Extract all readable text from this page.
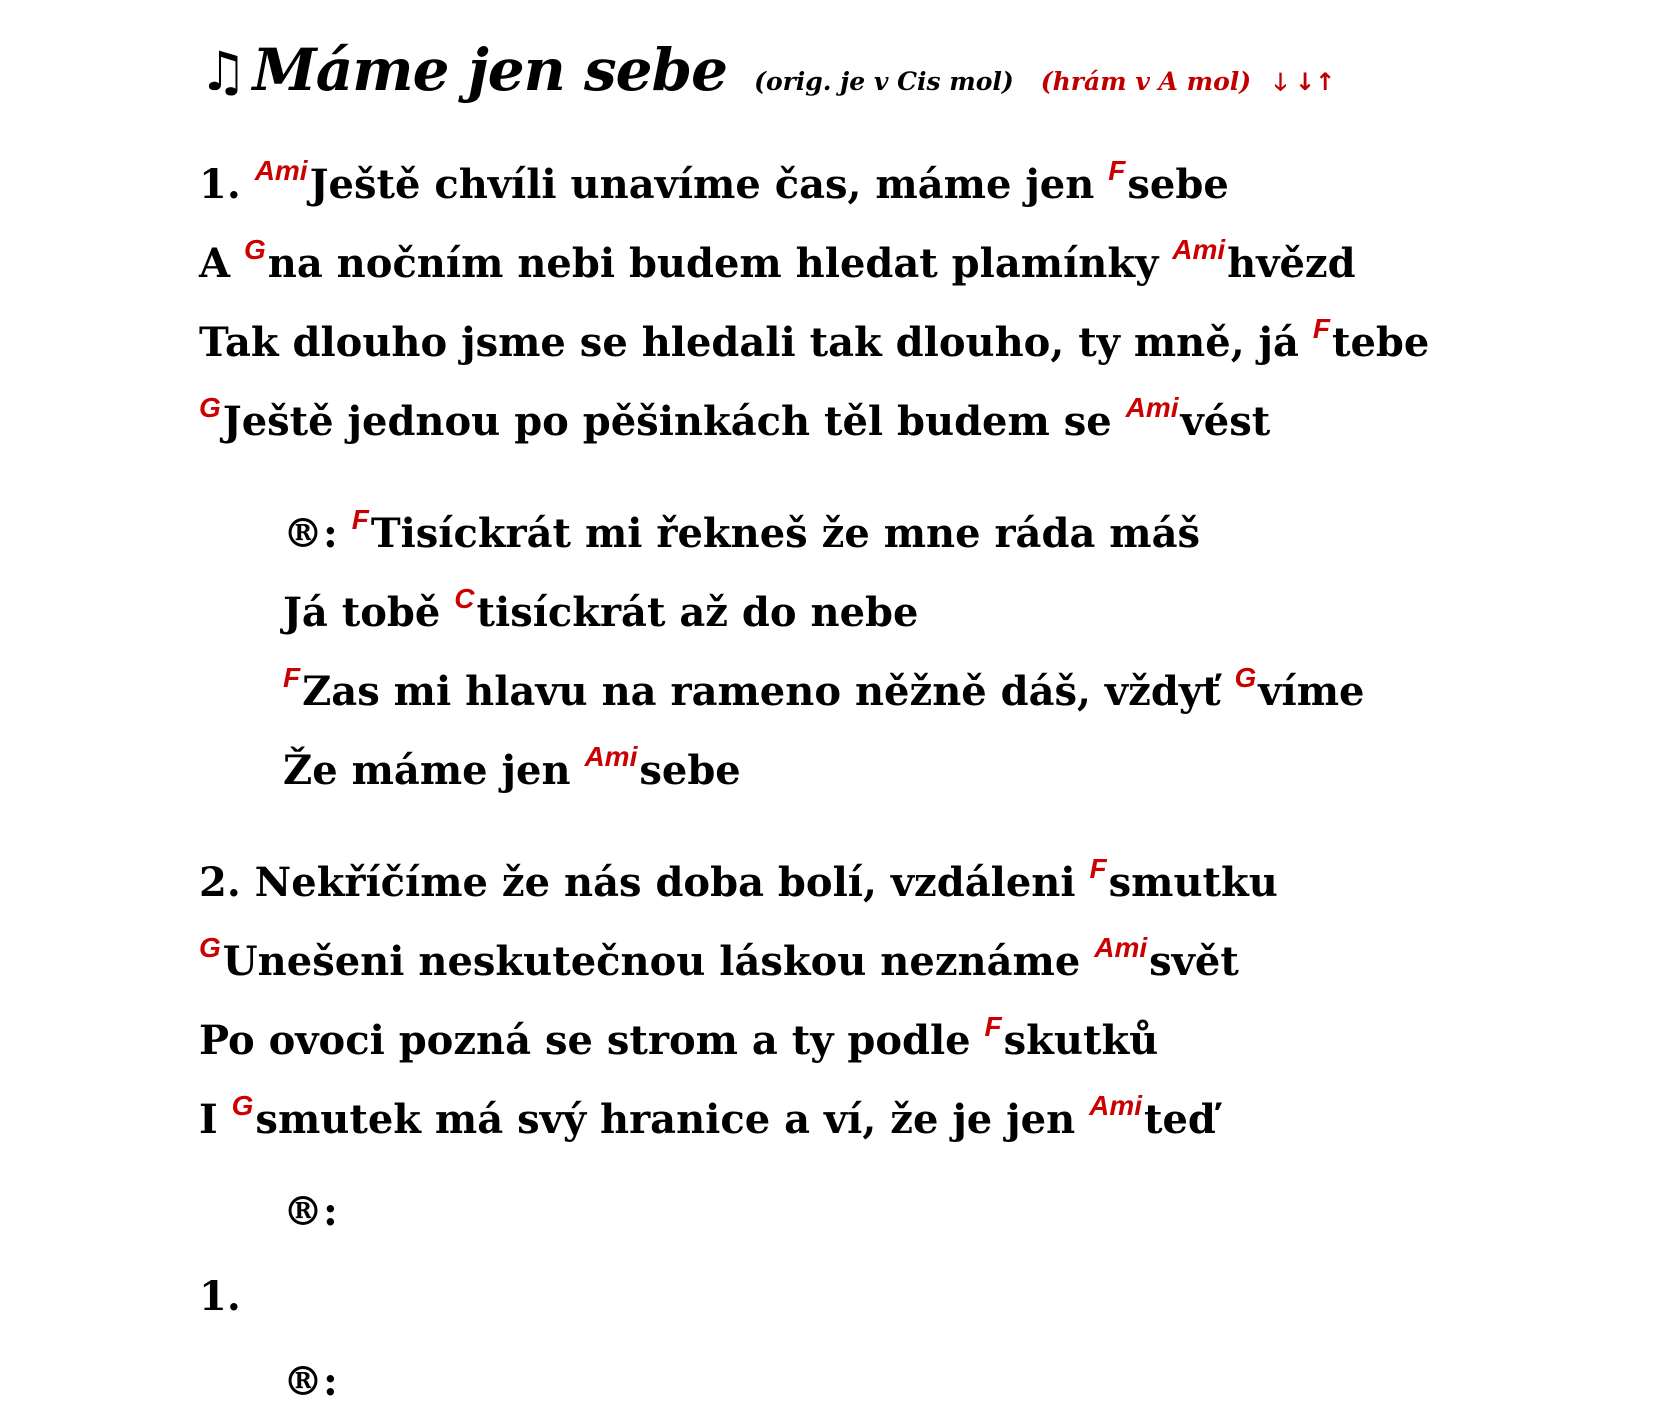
♫ Máme jen sebe (orig. je v Cis mol) (hrám v A mol) 🡓 ↓↑
1. $^{Ami}$Ještě chvíli unavíme čas, máme jen $^F$sebe
A $^G$na nočním nebi budem hledat plamínky $^{Ami}$hvězd
Tak dlouho jsme se hledali tak dlouho, ty mně, já $^F$tebe
$^G$Ještě jednou po pěšinkách těl budem se $^{Ami}$vést
®: $^F$Tisíckrát mi řekneš že mne ráda máš
Já tobě $^C$tisíckrát až do nebe
$^F$Zas mi hlavu na rameno něžně dáš, vždyť $^G$víme
Že máme jen $^{Ami}$sebe
2. Nekříčíme že nás doba bolí, vzdáleni $^F$smutku
$^G$Unešeni neskutečnou láskou neznáme $^{Ami}$svět
Po ovoci pozná se strom a ty podle $^F$skutků
I $^G$smutek má svý hranice a ví, že je jen $^{Ami}$teď
®:
1.
®:
